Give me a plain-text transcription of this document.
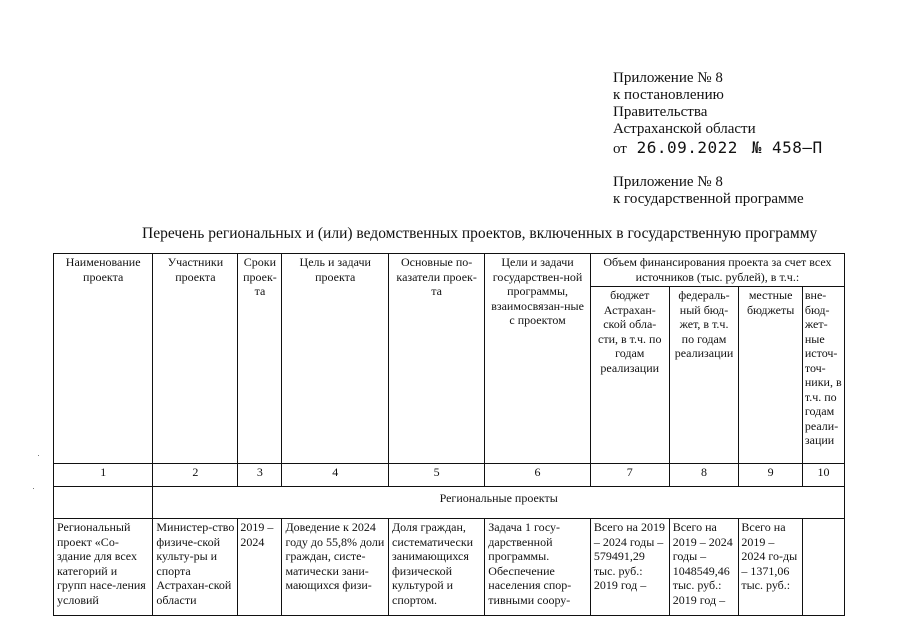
Приложение № 8
к постановлению
Правительства
Астраханской области
от 26.09.2022 № 458–П
Приложение № 8
к государственной программе
Перечень региональных и (или) ведомственных проектов, включенных в государственную программу
Наименование проекта	Участники проекта	Сроки проек-та	Цель и задачи проекта	Основные по-казатели проек-та	Цели и задачи государствен-ной программы, взаимосвязан-ные с проектом	Объем финансирования проекта за счет всех источников (тыс. рублей), в т.ч.:			
						бюджет Астрахан-ской обла-сти, в т.ч. по годам реализации	федераль-ный бюд-жет, в т.ч. по годам реализации	местные бюджеты	вне-бюд-жет-ные источ-точ-ники, в т.ч. по годам реали-зации
1	2	3	4	5	6	7	8	9	10
	Региональные проекты								
Региональный проект «Со-здание для всех категорий и групп насе-ления условий	Министер-ство физиче-ской культу-ры и спорта Астрахан-ской области	2019 – 2024	Доведение к 2024 году до 55,8% доли граждан, систе-матически зани-мающихся физи-	Доля граждан, систематически занимающихся физической культурой и спортом.	Задача 1 госу-дарственной программы. Обеспечение населения спор-тивными соору-	Всего на 2019 – 2024 годы – 579491,29 тыс. руб.: 2019 год –	Всего на 2019 – 2024 годы – 1048549,46 тыс. руб.: 2019 год –	Всего на 2019 – 2024 го-ды – 1371,06 тыс. руб.:	
